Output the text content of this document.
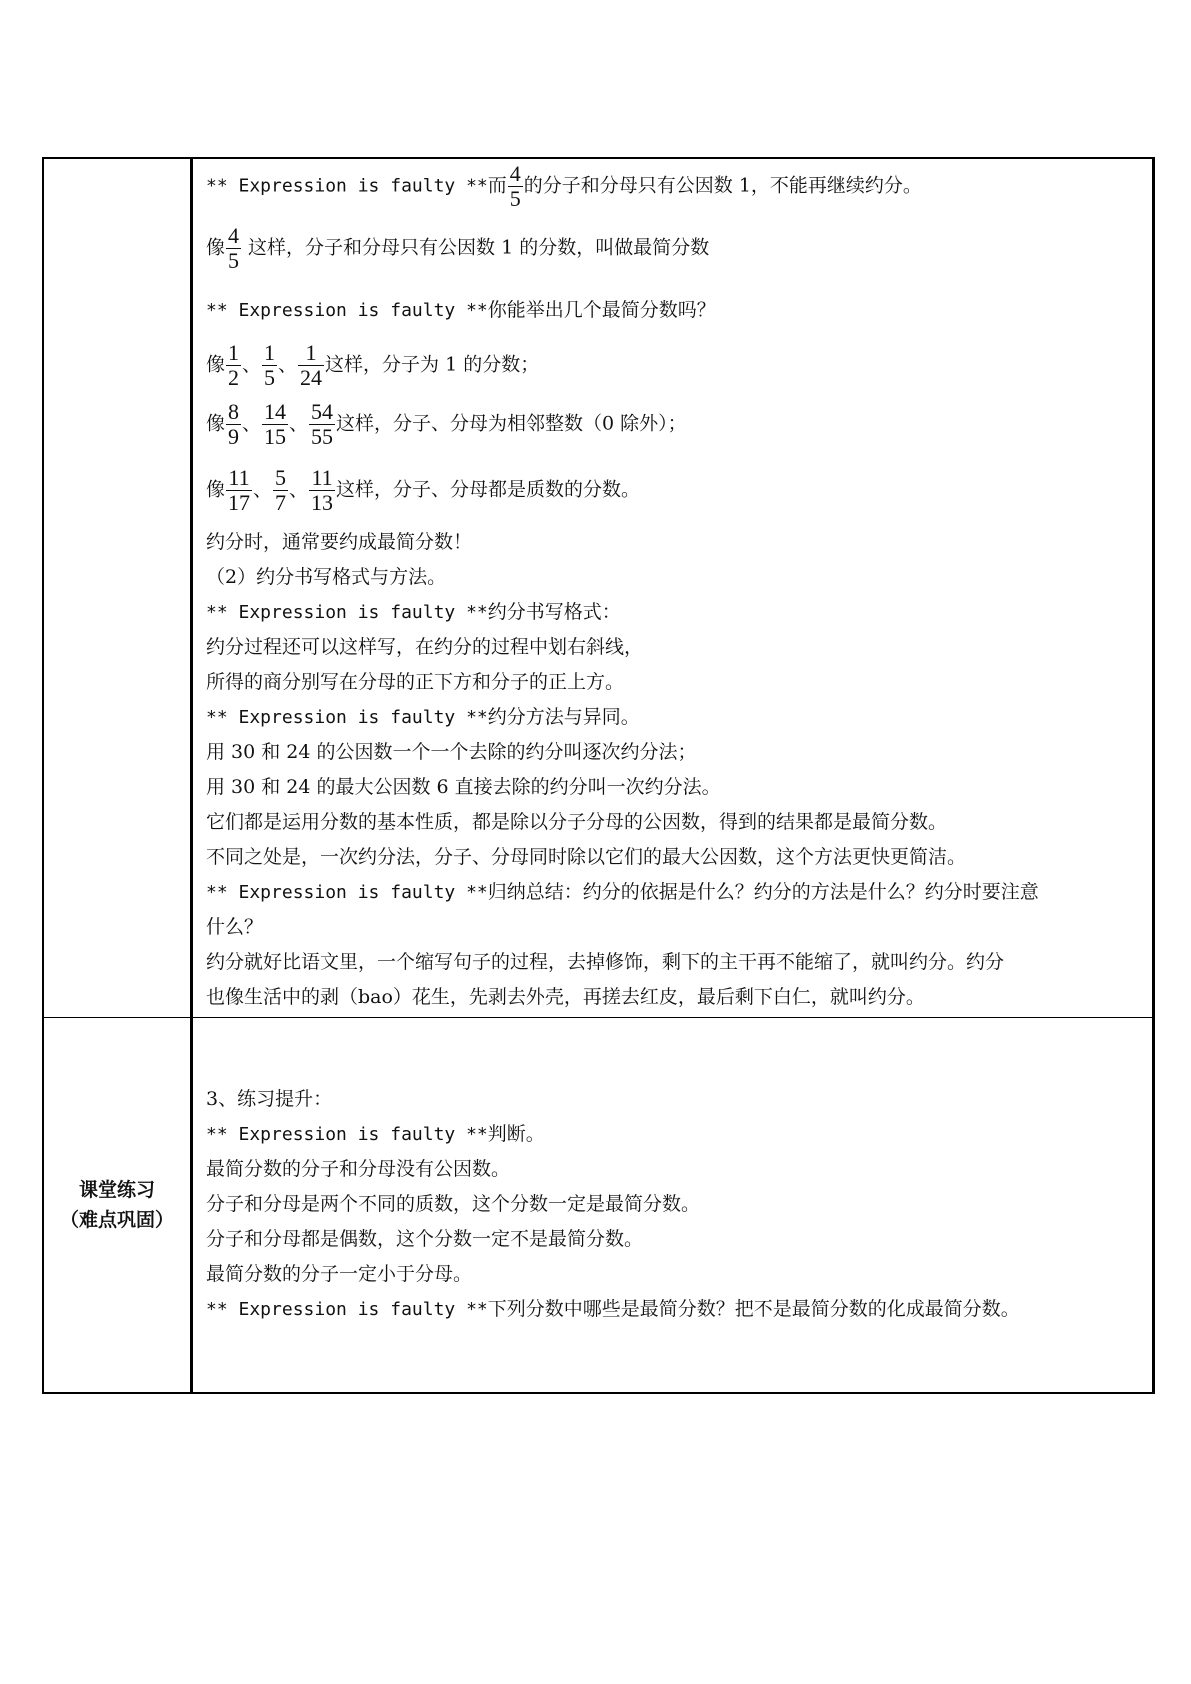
课堂练习
（难点巩固）
** Expression is faulty **而 $\frac{4}{5}$ 的分子和分母只有公因数 1，不能再继续约分。
像 $\frac{4}{5}$ 这样，分子和分母只有公因数 1 的分数，叫做最简分数
** Expression is faulty **你能举出几个最简分数吗？
像 $\frac{1}{2}$ 、 $\frac{1}{5}$ 、 $\frac{1}{24}$ 这样，分子为 1 的分数；
像 $\frac{8}{9}$ 、 $\frac{14}{15}$ 、 $\frac{54}{55}$ 这样，分子、分母为相邻整数（0 除外）；
像 $\frac{11}{17}$ 、 $\frac{5}{7}$ 、 $\frac{11}{13}$ 这样，分子、分母都是质数的分数。
约分时，通常要约成最简分数！
（2）约分书写格式与方法。
** Expression is faulty **约分书写格式：
约分过程还可以这样写，在约分的过程中划右斜线，
所得的商分别写在分母的正下方和分子的正上方。
** Expression is faulty **约分方法与异同。
用 30 和 24 的公因数一个一个去除的约分叫逐次约分法；
用 30 和 24 的最大公因数 6 直接去除的约分叫一次约分法。
它们都是运用分数的基本性质，都是除以分子分母的公因数，得到的结果都是最简分数。
不同之处是，一次约分法，分子、分母同时除以它们的最大公因数，这个方法更快更简洁。
** Expression is faulty **归纳总结：约分的依据是什么？约分的方法是什么？约分时要注意
什么？
约分就好比语文里，一个缩写句子的过程，去掉修饰，剩下的主干再不能缩了，就叫约分。约分
也像生活中的剥（bao）花生，先剥去外壳，再搓去红皮，最后剩下白仁，就叫约分。
3、练习提升：
** Expression is faulty **判断。
最简分数的分子和分母没有公因数。
分子和分母是两个不同的质数，这个分数一定是最简分数。
分子和分母都是偶数，这个分数一定不是最简分数。
最简分数的分子一定小于分母。
** Expression is faulty **下列分数中哪些是最简分数？把不是最简分数的化成最简分数。
